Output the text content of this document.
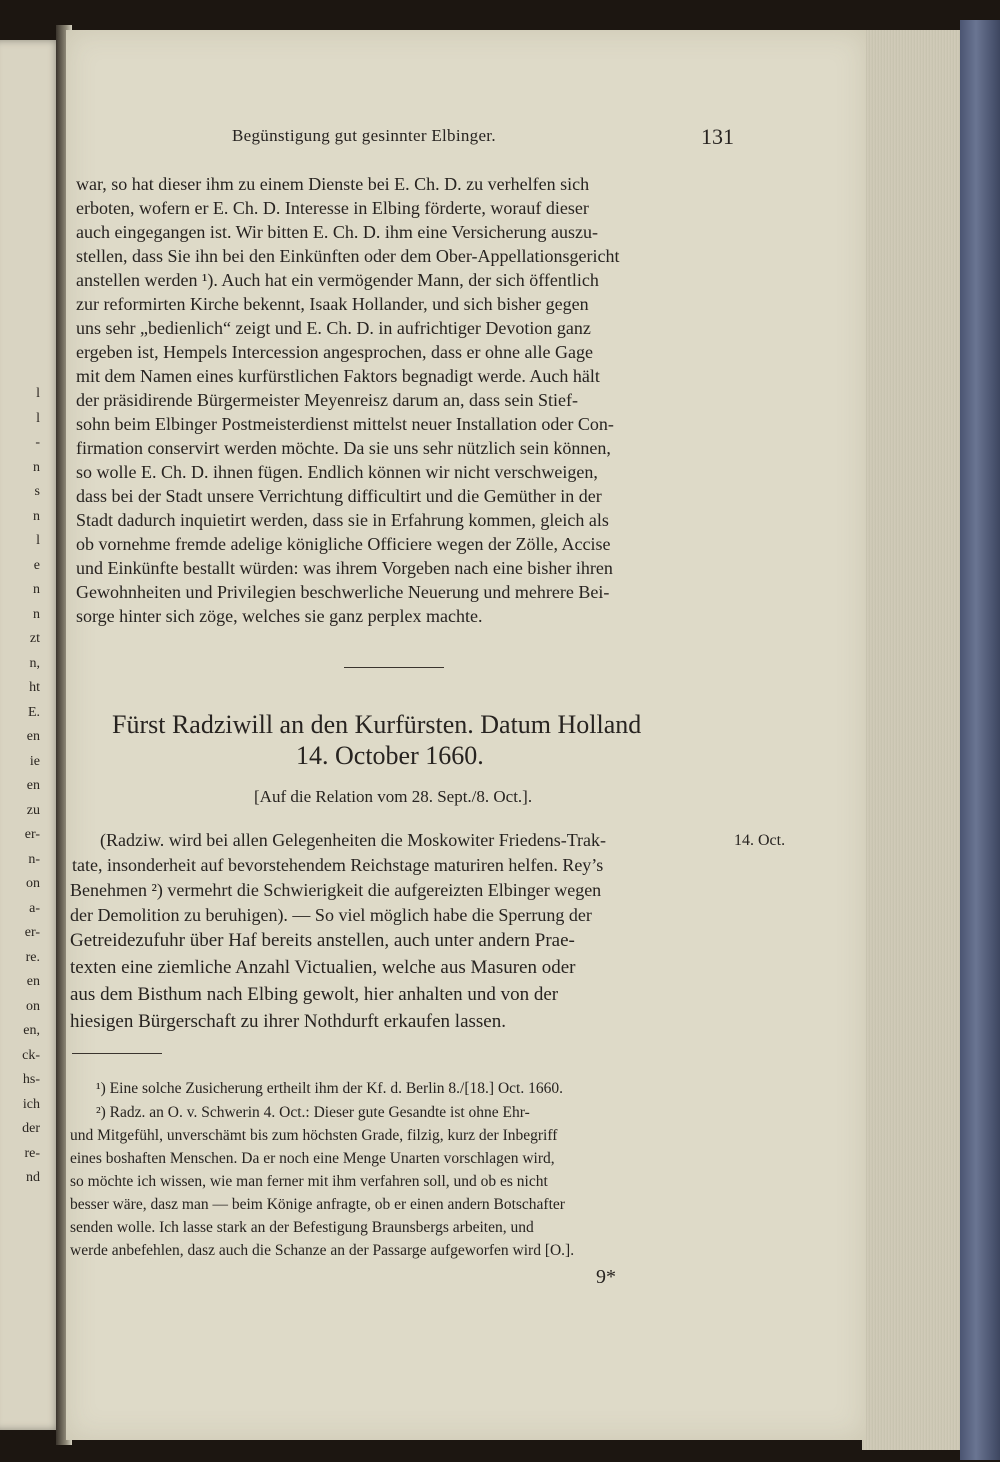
l
l
-
n
s
n
l
e
n
n
zt
n,
ht
E.
en
ie
en
zu
er-
n-
on
a-
er-
re.
en
on
en,
ck-
hs-
ich
der
re-
nd
Begünstigung gut gesinnter Elbinger.	131
war, so hat dieser ihm zu einem Dienste bei E. Ch. D. zu verhelfen sich
erboten, wofern er E. Ch. D. Interesse in Elbing förderte, worauf dieser
auch eingegangen ist. Wir bitten E. Ch. D. ihm eine Versicherung auszu-
stellen, dass Sie ihn bei den Einkünften oder dem Ober-Appellationsgericht
anstellen werden ¹). Auch hat ein vermögender Mann, der sich öffentlich
zur reformirten Kirche bekennt, Isaak Hollander, und sich bisher gegen
uns sehr „bedienlich“ zeigt und E. Ch. D. in aufrichtiger Devotion ganz
ergeben ist, Hempels Intercession angesprochen, dass er ohne alle Gage
mit dem Namen eines kurfürstlichen Faktors begnadigt werde. Auch hält
der präsidirende Bürgermeister Meyenreisz darum an, dass sein Stief-
sohn beim Elbinger Postmeisterdienst mittelst neuer Installation oder Con-
firmation conservirt werden möchte. Da sie uns sehr nützlich sein können,
so wolle E. Ch. D. ihnen fügen. Endlich können wir nicht verschweigen,
dass bei der Stadt unsere Verrichtung difficultirt und die Gemüther in der
Stadt dadurch inquietirt werden, dass sie in Erfahrung kommen, gleich als
ob vornehme fremde adelige königliche Officiere wegen der Zölle, Accise
und Einkünfte bestallt würden: was ihrem Vorgeben nach eine bisher ihren
Gewohnheiten und Privilegien beschwerliche Neuerung und mehrere Bei-
sorge hinter sich zöge, welches sie ganz perplex machte.
Fürst Radziwill an den Kurfürsten. Datum Holland
14. October 1660.
[Auf die Relation vom 28. Sept./8. Oct.].
14. Oct.
(Radziw. wird bei allen Gelegenheiten die Moskowiter Friedens-Trak-
tate, insonderheit auf bevorstehendem Reichstage maturiren helfen. Rey’s
Benehmen ²) vermehrt die Schwierigkeit die aufgereizten Elbinger wegen
der Demolition zu beruhigen). — So viel möglich habe die Sperrung der
Getreidezufuhr über Haf bereits anstellen, auch unter andern Prae-
texten eine ziemliche Anzahl Victualien, welche aus Masuren oder
aus dem Bisthum nach Elbing gewolt, hier anhalten und von der
hiesigen Bürgerschaft zu ihrer Nothdurft erkaufen lassen.
¹) Eine solche Zusicherung ertheilt ihm der Kf. d. Berlin 8./[18.] Oct. 1660.
²) Radz. an O. v. Schwerin 4. Oct.: Dieser gute Gesandte ist ohne Ehr-
und Mitgefühl, unverschämt bis zum höchsten Grade, filzig, kurz der Inbegriff
eines boshaften Menschen. Da er noch eine Menge Unarten vorschlagen wird,
so möchte ich wissen, wie man ferner mit ihm verfahren soll, und ob es nicht
besser wäre, dasz man — beim Könige anfragte, ob er einen andern Botschafter
senden wolle. Ich lasse stark an der Befestigung Braunsbergs arbeiten, und
werde anbefehlen, dasz auch die Schanze an der Passarge aufgeworfen wird [O.].
9*
